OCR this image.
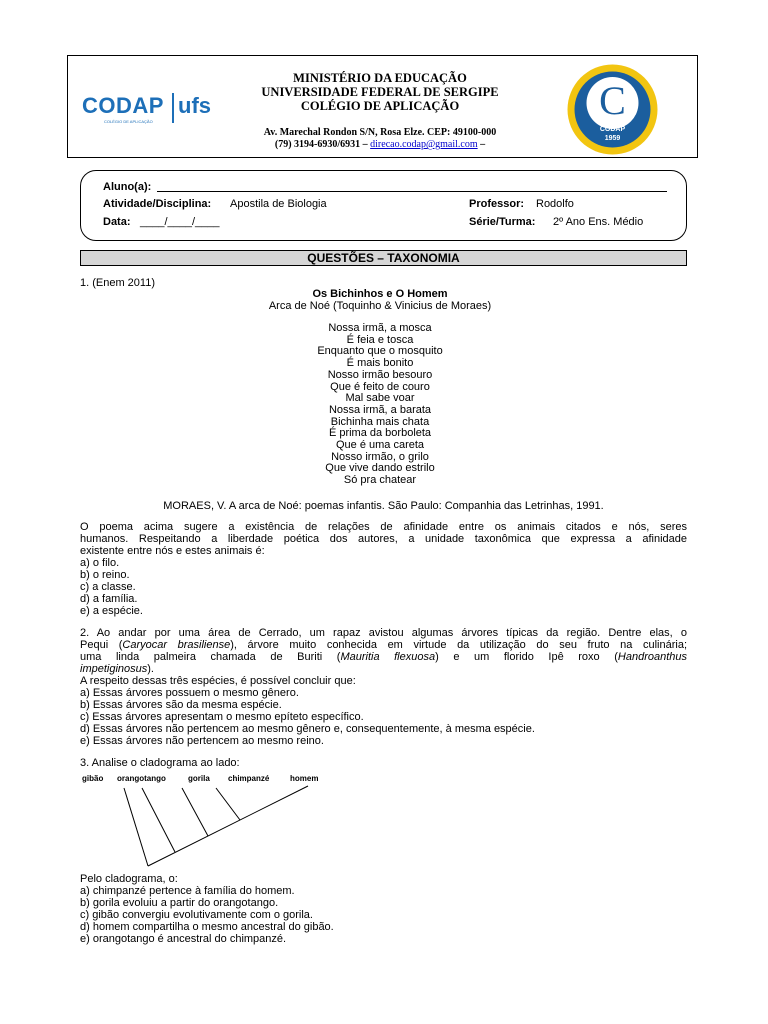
CODAP
COLÉGIO DE APLICAÇÃO
ufs
MINISTÉRIO DA EDUCAÇÃO
UNIVERSIDADE FEDERAL DE SERGIPE
COLÉGIO DE APLICAÇÃO
Av. Marechal Rondon S/N, Rosa Elze. CEP: 49100-000
(79) 3194-6930/6931 – direcao.codap@gmail.com –
C
CODAP
1959
Aluno(a):
Atividade/Disciplina: Apostila de Biologia	Professor: Rodolfo
Data: ____/____/____	Série/Turma: 2º Ano Ens. Médio
QUESTÕES – TAXONOMIA
1. (Enem 2011)
Os Bichinhos e O Homem
Arca de Noé (Toquinho & Vinicius de Moraes)
Nossa irmã, a mosca
É feia e tosca
Enquanto que o mosquito
É mais bonito
Nosso irmão besouro
Que é feito de couro
Mal sabe voar
Nossa irmã, a barata
Bichinha mais chata
É prima da borboleta
Que é uma careta
Nosso irmão, o grilo
Que vive dando estrilo
Só pra chatear
MORAES, V. A arca de Noé: poemas infantis. São Paulo: Companhia das Letrinhas, 1991.
O poema acima sugere a existência de relações de afinidade entre os animais citados e nós, seres
humanos. Respeitando a liberdade poética dos autores, a unidade taxonômica que expressa a afinidade
existente entre nós e estes animais é:
a) o filo.
b) o reino.
c) a classe.
d) a família.
e) a espécie.
2. Ao andar por uma área de Cerrado, um rapaz avistou algumas árvores típicas da região. Dentre elas, o
Pequi (Caryocar brasiliense), árvore muito conhecida em virtude da utilização do seu fruto na culinária;
uma linda palmeira chamada de Buriti (Mauritia flexuosa) e um florido Ipê roxo (Handroanthus
impetiginosus).
A respeito dessas três espécies, é possível concluir que:
a) Essas árvores possuem o mesmo gênero.
b) Essas árvores são da mesma espécie.
c) Essas árvores apresentam o mesmo epíteto específico.
d) Essas árvores não pertencem ao mesmo gênero e, consequentemente, à mesma espécie.
e) Essas árvores não pertencem ao mesmo reino.
3. Analise o cladograma ao lado:
gibão orangotango	gorila chimpanzé	homem
Pelo cladograma, o:
a) chimpanzé pertence à família do homem.
b) gorila evoluiu a partir do orangotango.
c) gibão convergiu evolutivamente com o gorila.
d) homem compartilha o mesmo ancestral do gibão.
e) orangotango é ancestral do chimpanzé.
